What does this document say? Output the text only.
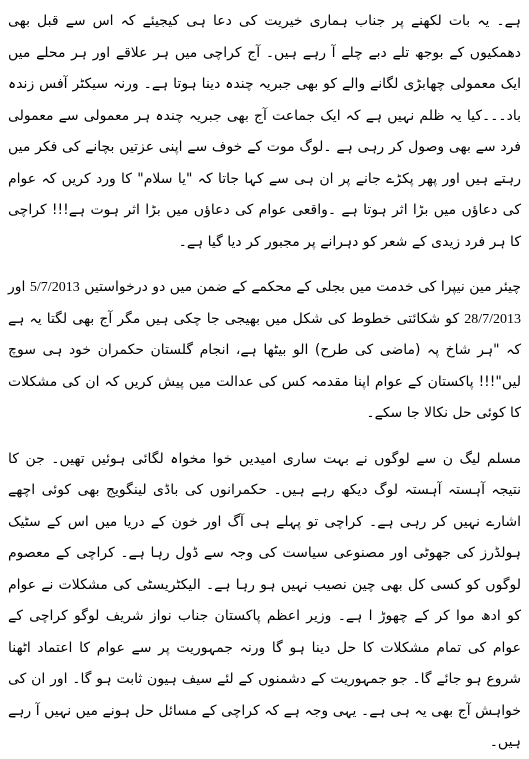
ہے۔ یہ بات لکھنے پر جناب ہماری خیریت کی دعا ہی کیجیئے کہ اس سے قبل بھی دھمکیوں کے بوجھ تلے دبے چلے آ رہے ہیں۔ آج کراچی میں ہر علاقے اور ہر محلے میں ایک معمولی چھابڑی لگانے والے کو بھی جبریہ چندہ دینا ہوتا ہے۔ ورنہ سیکٹر آفس زندہ باد۔۔۔کیا یہ ظلم نہیں ہے کہ ایک جماعت آج بھی جبریہ چندہ ہر معمولی سے معمولی فرد سے بھی وصول کر رہی ہے ۔لوگ موت کے خوف سے اپنی عزتیں بچانے کی فکر میں رہتے ہیں اور پھر پکڑے جانے پر ان ہی سے کہا جاتا کہ "یا سلام" کا ورد کریں کہ عوام کی دعاؤں میں بڑا اثر ہوتا ہے ۔واقعی عوام کی دعاؤں میں بڑا اثر ہوت ہے!!! کراچی کا ہر فرد زیدی کے شعر کو دہرانے پر مجبور کر دیا گیا ہے۔

چیئر مین نیپرا کی خدمت میں بجلی کے محکمے کے ضمن میں دو درخواستیں 5/7/2013 اور 28/7/2013 کو شکائتی خطوط کی شکل میں بھیجی جا چکی ہیں مگر آج بھی لگتا یہ ہے کہ "ہر شاخ پہ (ماضی کی طرح) الو بیٹھا ہے، انجام گلستان حکمران خود ہی سوچ لیں"!!! پاکستان کے عوام اپنا مقدمہ کس کی عدالت میں پیش کریں کہ ان کی مشکلات کا کوئی حل نکالا جا سکے۔

مسلم لیگ ن سے لوگوں نے بہت ساری امیدیں خوا مخواہ لگائی ہوئیں تھیں۔ جن کا نتیجہ آہستہ آہستہ لوگ دیکھ رہے ہیں۔ حکمرانوں کی باڈی لینگویج بھی کوئی اچھے اشارے نہیں کر رہی ہے۔ کراچی تو پہلے ہی آگ اور خون کے دریا میں اس کے سٹیک ہولڈرز کی جھوٹی اور مصنوعی سیاست کی وجہ سے ڈول رہا ہے۔ کراچی کے معصوم لوگوں کو کسی کل بھی چین نصیب نہیں ہو رہا ہے۔ الیکٹریسٹی کی مشکلات نے عوام کو ادھ موا کر کے چھوڑ ا ہے۔ وزیر اعظم پاکستان جناب نواز شریف لوگو کراچی کے عوام کی تمام مشکلات کا حل دینا ہو گا ورنہ جمہوریت پر سے عوام کا اعتماد اٹھنا شروع ہو جائے گا۔ جو جمہوریت کے دشمنوں کے لئے سیف ہیون ثابت ہو گا۔ اور ان کی خواہش آج بھی یہ ہی ہے۔ یہی وجہ ہے کہ کراچی کے مسائل حل ہونے میں نہیں آ رہے ہیں۔
